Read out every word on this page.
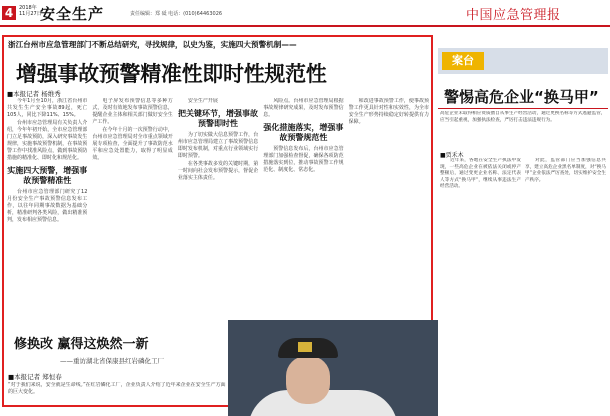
4	2018年
11月27日
安全生产	责任编辑：郑 砥 电话：(010)64463026	中国应急管理报
浙江台州市应急管理部门不断总结研究，寻找规律，以史为鉴，实施四大预警机制——
增强事故预警精准性即时性规范性
■本报记者 杨维秀

今年1月至10月，浙江省台州市共发生生产安全事故89起，死亡105人，同比下降11%、15%。

台州市应急管理局有关负责人介绍，今年年初开始，全市应急管理部门立足事故预防，深入研究事故发生规律，实施事故预警机制，在事故预警工作中找准风险点，做到事故预防措施的精准化、即时化和规范化。

实施四大预警，增强事故预警精准性

台州市应急管理部门研究了12月份安全生产事故预警信息发布工作，以往年同期事故数据为基础分析，精准研判各类风险，做出精准预判，发布相应预警信息。

电子屏发布预警信息等多种方式，及时有效地发布事故预警信息，提醒企业主体和相关部门做好安全生产工作。

在今年十月的一次预警行动中，台州市应急管理局对全市重点领域开展专项检查，全面提升了事故防范水平和应急处置能力，取得了明显成效。

安全生产开展

把关键环节，增强事故预警即时性

为了切实做大信息预警工作，台州市应急管理局建立了事故预警信息即时发布机制，对重点行业领域实行即时预警。

在各类事故多发的关键时期，第一时间向社会发布预警提示，督促企业落实主体责任。

风险点。台州市应急管理局根据事故规律研究成果，及时发布预警信息。

强化措施落实，增强事故预警规范性

预警信息发布后，台州市应急管理部门加强检查督促，确保各项防范措施落实到位，推动事故预警工作规范化、制度化、常态化。

和改进事故预警工作，使事故预警工作更具针对性和实效性，为全市安全生产形势持续稳定好转提供有力保障。

案台
警惕高危企业“换马甲”
高危企业未取得相应资质擅自从事生产经营活动，通过更换名称等方式逃避监管，应当引起重视，加强执法检查，严厉打击违法违规行为。
■贾禾木

近年来，各地在安全生产执法中发现，一些高危企业在被依法关闭或停产整顿后，通过变更企业名称、法定代表人等方式“换马甲”，继续从事违法生产经营活动。

对此，监管部门应当加强信息共享，建立高危企业黑名单制度，对“换马甲”企业依法严厉查处，切实维护安全生产秩序。

修换改 赢得这焕然一新
——重访湖北省保康县红岩磷化工厂
■本报记者 郑恒春
“对于我们来说，安全就是生命线。”在红岩磷化工厂，企业负责人介绍了近年来企业在安全生产方面的巨大变化。
